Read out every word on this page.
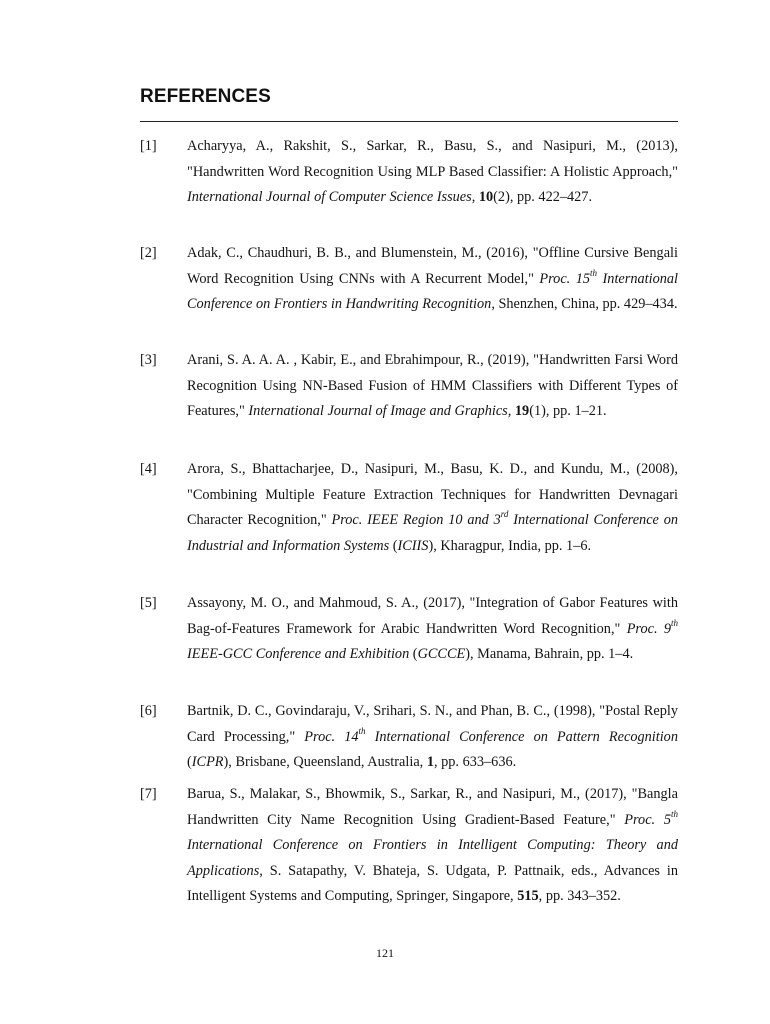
REFERENCES
[1] Acharyya, A., Rakshit, S., Sarkar, R., Basu, S., and Nasipuri, M., (2013), "Handwritten Word Recognition Using MLP Based Classifier: A Holistic Approach," International Journal of Computer Science Issues, 10(2), pp. 422–427.
[2] Adak, C., Chaudhuri, B. B., and Blumenstein, M., (2016), "Offline Cursive Bengali Word Recognition Using CNNs with A Recurrent Model," Proc. 15th International Conference on Frontiers in Handwriting Recognition, Shenzhen, China, pp. 429–434.
[3] Arani, S. A. A. A. , Kabir, E., and Ebrahimpour, R., (2019), "Handwritten Farsi Word Recognition Using NN-Based Fusion of HMM Classifiers with Different Types of Features," International Journal of Image and Graphics, 19(1), pp. 1–21.
[4] Arora, S., Bhattacharjee, D., Nasipuri, M., Basu, K. D., and Kundu, M., (2008), "Combining Multiple Feature Extraction Techniques for Handwritten Devnagari Character Recognition," Proc. IEEE Region 10 and 3rd International Conference on Industrial and Information Systems (ICIIS), Kharagpur, India, pp. 1–6.
[5] Assayony, M. O., and Mahmoud, S. A., (2017), "Integration of Gabor Features with Bag-of-Features Framework for Arabic Handwritten Word Recognition," Proc. 9th IEEE-GCC Conference and Exhibition (GCCCE), Manama, Bahrain, pp. 1–4.
[6] Bartnik, D. C., Govindaraju, V., Srihari, S. N., and Phan, B. C., (1998), "Postal Reply Card Processing," Proc. 14th International Conference on Pattern Recognition (ICPR), Brisbane, Queensland, Australia, 1, pp. 633–636.
[7] Barua, S., Malakar, S., Bhowmik, S., Sarkar, R., and Nasipuri, M., (2017), "Bangla Handwritten City Name Recognition Using Gradient-Based Feature," Proc. 5th International Conference on Frontiers in Intelligent Computing: Theory and Applications, S. Satapathy, V. Bhateja, S. Udgata, P. Pattnaik, eds., Advances in Intelligent Systems and Computing, Springer, Singapore, 515, pp. 343–352.
121
